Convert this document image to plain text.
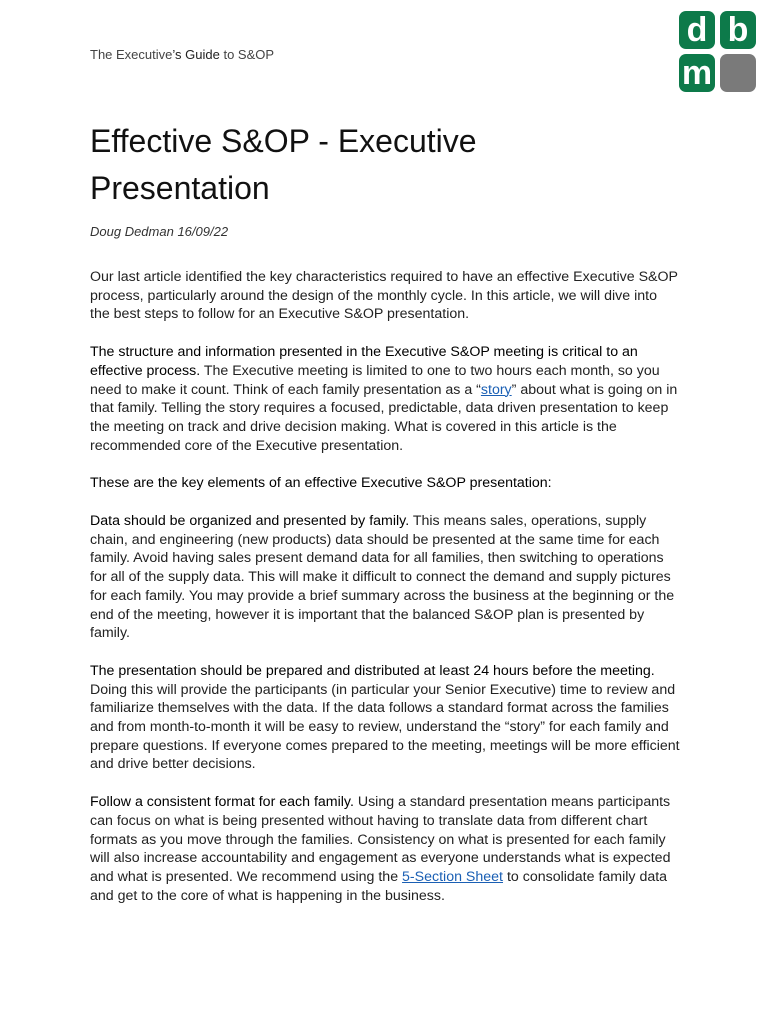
The Executive’s Guide to S&OP
d b
m
Effective S&OP - Executive Presentation
Doug Dedman 16/09/22

Our last article identified the key characteristics required to have an effective Executive S&OP process, particularly around the design of the monthly cycle. In this article, we will dive into the best steps to follow for an Executive S&OP presentation.

The structure and information presented in the Executive S&OP meeting is critical to an effective process. The Executive meeting is limited to one to two hours each month, so you need to make it count. Think of each family presentation as a “story” about what is going on in that family. Telling the story requires a focused, predictable, data driven presentation to keep the meeting on track and drive decision making. What is covered in this article is the recommended core of the Executive presentation.

These are the key elements of an effective Executive S&OP presentation:

Data should be organized and presented by family. This means sales, operations, supply chain, and engineering (new products) data should be presented at the same time for each family. Avoid having sales present demand data for all families, then switching to operations for all of the supply data. This will make it difficult to connect the demand and supply pictures for each family. You may provide a brief summary across the business at the beginning or the end of the meeting, however it is important that the balanced S&OP plan is presented by family.

The presentation should be prepared and distributed at least 24 hours before the meeting. Doing this will provide the participants (in particular your Senior Executive) time to review and familiarize themselves with the data. If the data follows a standard format across the families and from month-to-month it will be easy to review, understand the “story” for each family and prepare questions. If everyone comes prepared to the meeting, meetings will be more efficient and drive better decisions.

Follow a consistent format for each family. Using a standard presentation means participants can focus on what is being presented without having to translate data from different chart formats as you move through the families. Consistency on what is presented for each family will also increase accountability and engagement as everyone understands what is expected and what is presented. We recommend using the 5-Section Sheet to consolidate family data and get to the core of what is happening in the business.
